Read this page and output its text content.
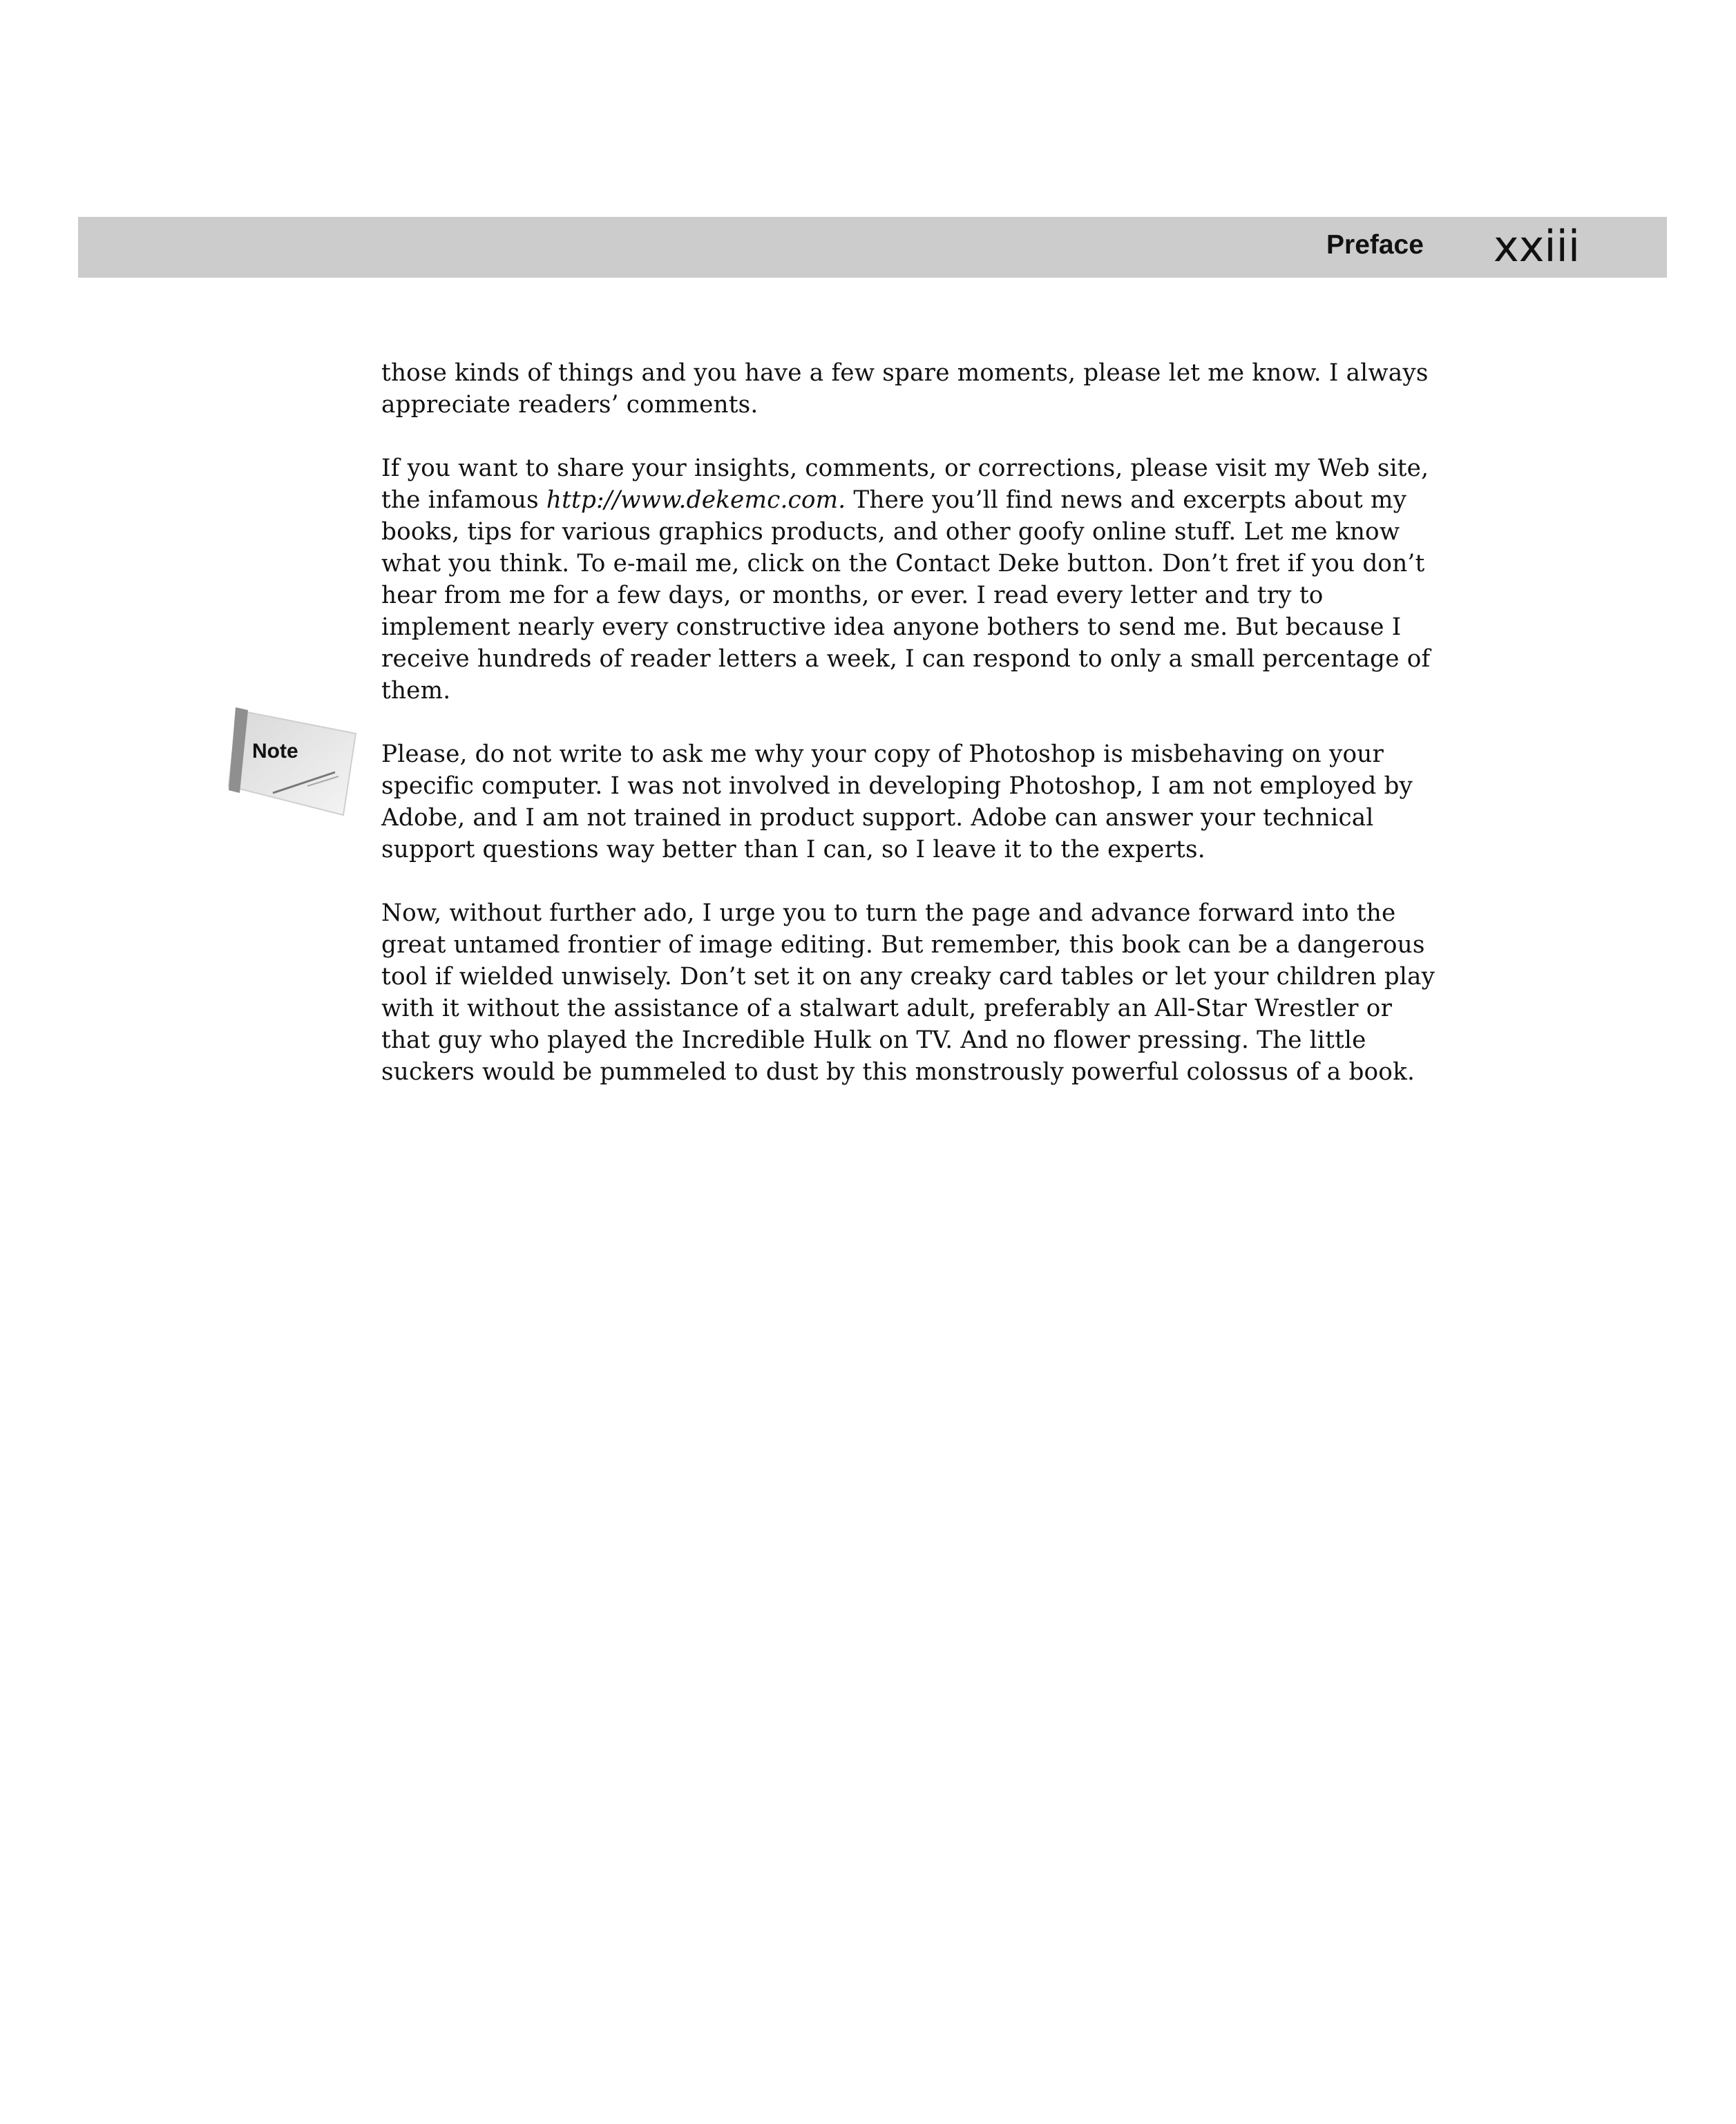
Preface xxiii
Note

those kinds of things and you have a few spare moments, please let me know. I always appreciate readers’ comments.

If you want to share your insights, comments, or corrections, please visit my Web site, the infamous http://www.dekemc.com. There you’ll find news and excerpts about my books, tips for various graphics products, and other goofy online stuff. Let me know what you think. To e-mail me, click on the Contact Deke button. Don’t fret if you don’t hear from me for a few days, or months, or ever. I read every letter and try to implement nearly every constructive idea anyone bothers to send me. But because I receive hundreds of reader letters a week, I can respond to only a small percentage of them.

Please, do not write to ask me why your copy of Photoshop is misbehaving on your specific computer. I was not involved in developing Photoshop, I am not employed by Adobe, and I am not trained in product support. Adobe can answer your technical support questions way better than I can, so I leave it to the experts.

Now, without further ado, I urge you to turn the page and advance forward into the great untamed frontier of image editing. But remember, this book can be a dangerous tool if wielded unwisely. Don’t set it on any creaky card tables or let your children play with it without the assistance of a stalwart adult, preferably an All-Star Wrestler or that guy who played the Incredible Hulk on TV. And no flower pressing. The little suckers would be pummeled to dust by this monstrously powerful colossus of a book.
